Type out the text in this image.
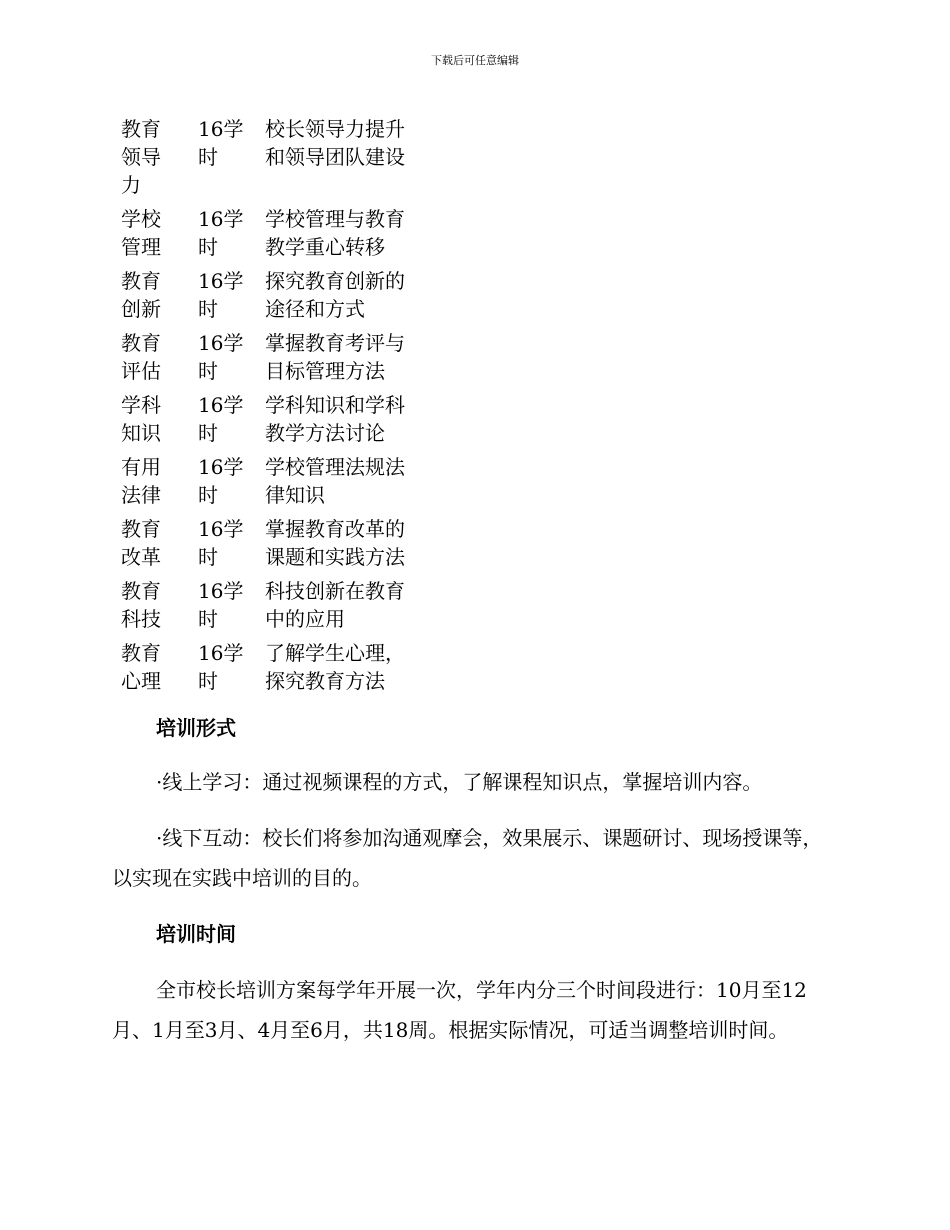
下载后可任意编辑
教育领导力	16学时	校长领导力提升和领导团队建设

学校管理	16学时	学校管理与教育教学重心转移

教育创新	16学时	探究教育创新的途径和方式

教育评估	16学时	掌握教育考评与目标管理方法

学科知识	16学时	学科知识和学科教学方法讨论

有用法律	16学时	学校管理法规法律知识

教育改革	16学时	掌握教育改革的课题和实践方法

教育科技	16学时	科技创新在教育中的应用

教育心理	16学时	了解学生心理，探究教育方法
培训形式
·线上学习：通过视频课程的方式，了解课程知识点，掌握培训内容。
·线下互动：校长们将参加沟通观摩会，效果展示、课题研讨、现场授课等，以实现在实践中培训的目的。
培训时间
全市校长培训方案每学年开展一次，学年内分三个时间段进行：10月至12月、1月至3月、4月至6月，共18周。根据实际情况，可适当调整培训时间。
